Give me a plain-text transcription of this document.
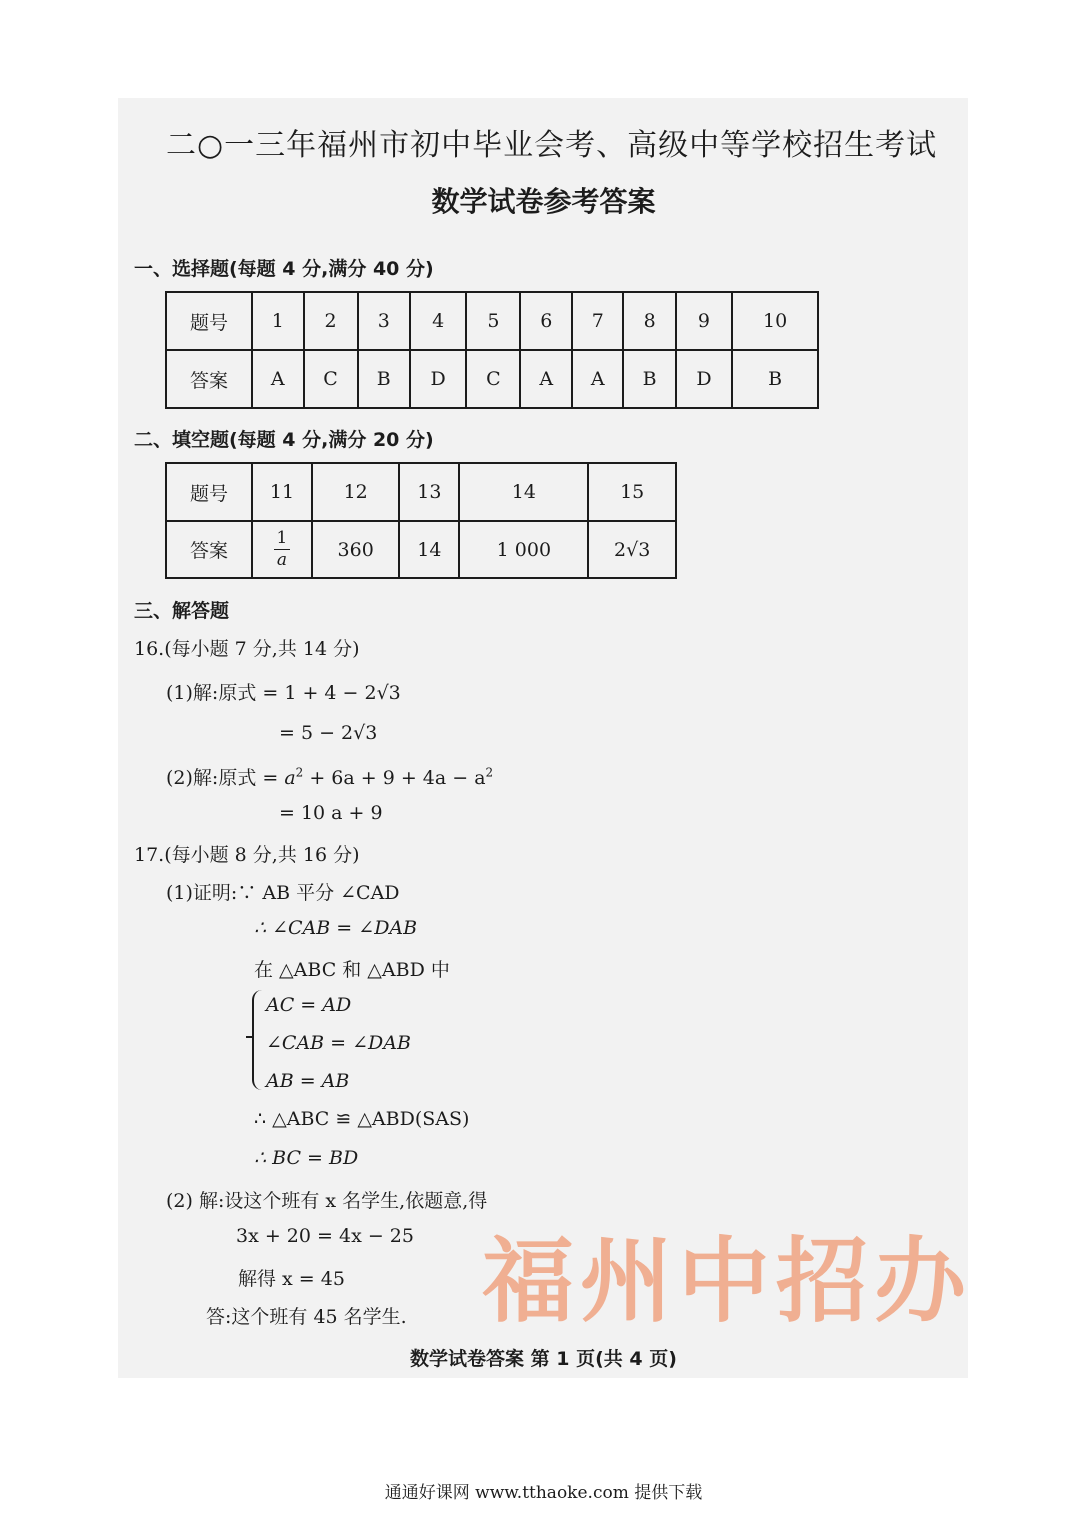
二○一三年福州市初中毕业会考、高级中等学校招生考试
数学试卷参考答案
一、选择题(每题 4 分,满分 40 分)
题号	1	2	3	4	5	6	7	8	9	10
答案	A	C	B	D	C	A	A	B	D	B
二、填空题(每题 4 分,满分 20 分)
题号	11	12	13	14	15
答案	$\frac{1}{a}$	360	14	1 000	2√3
三、解答题
16.(每小题 7 分,共 14 分)
(1)解:原式 = 1 + 4 − 2√3
= 5 − 2√3
(2)解:原式 = $a^2 + 6a + 9 + 4a - a^2$
= 10 a + 9
17.(每小题 8 分,共 16 分)
(1)证明:∵ AB 平分 ∠CAD
∴ ∠CAB = ∠DAB
在 △ABC 和 △ABD 中
AC = AD
∠CAB = ∠DAB
AB = AB
∴ △ABC ≌ △ABD(SAS)
∴ BC = BD
(2) 解:设这个班有 x 名学生,依题意,得
3x + 20 = 4x − 25
解得 x = 45
答:这个班有 45 名学生. 福州中招办
数学试卷答案 第 1 页(共 4 页)
通通好课网 www.tthaoke.com 提供下载
